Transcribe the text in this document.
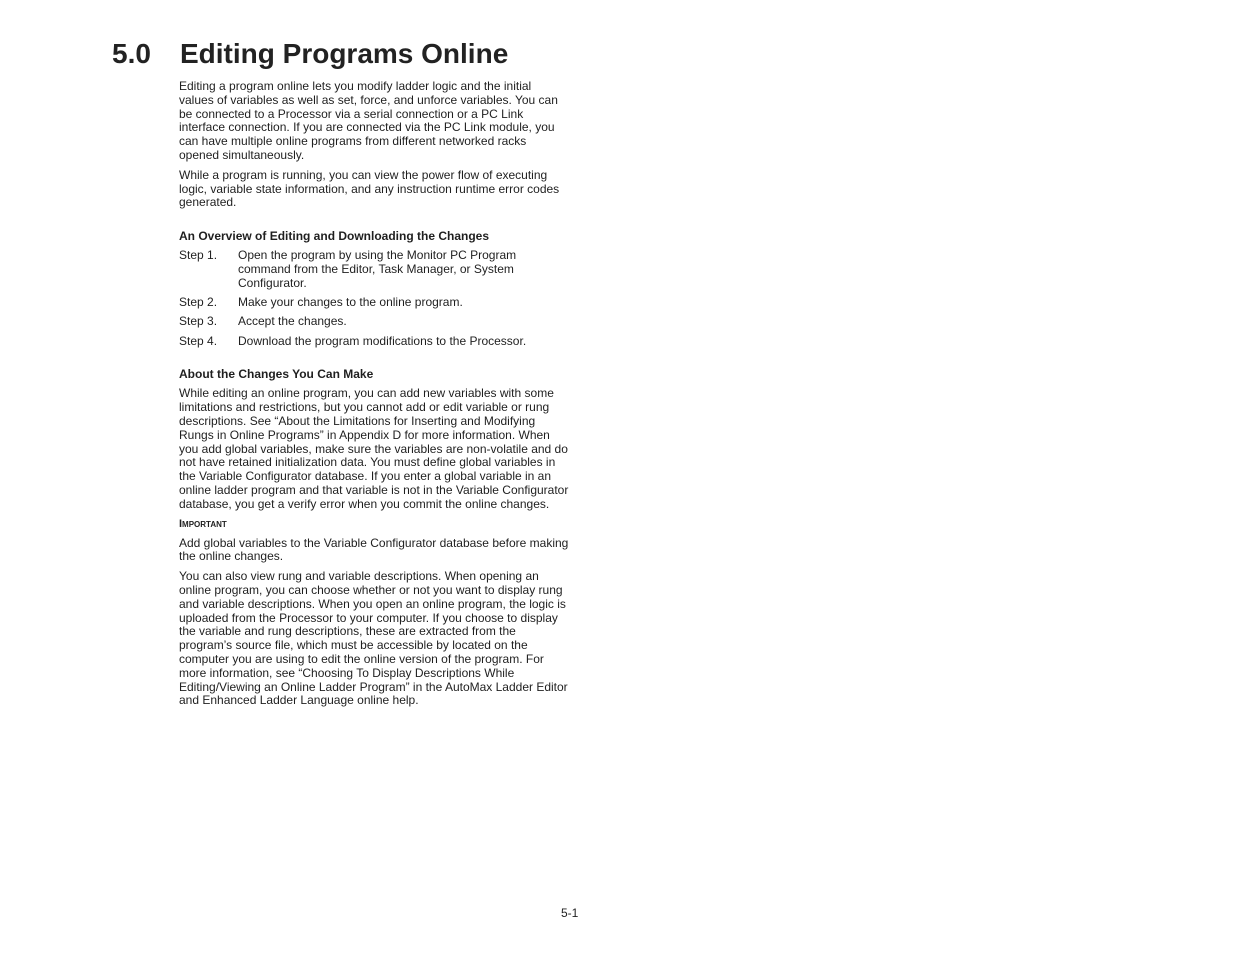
5.0 Editing Programs Online

Editing a program online lets you modify ladder logic and the initial values of variables as well as set, force, and unforce variables. You can be connected to a Processor via a serial connection or a PC Link interface connection. If you are connected via the PC Link module, you can have multiple online programs from different networked racks opened simultaneously.

While a program is running, you can view the power flow of executing logic, variable state information, and any instruction runtime error codes generated.

An Overview of Editing and Downloading the Changes
Step 1.	Open the program by using the Monitor PC Program command from the Editor, Task Manager, or System Configurator.
Step 2.	Make your changes to the online program.
Step 3.	Accept the changes.
Step 4.	Download the program modifications to the Processor.
About the Changes You Can Make

While editing an online program, you can add new variables with some limitations and restrictions, but you cannot add or edit variable or rung descriptions. See “About the Limitations for Inserting and Modifying Rungs in Online Programs” in Appendix D for more information. When you add global variables, make sure the variables are non-volatile and do not have retained initialization data. You must define global variables in the Variable Configurator database. If you enter a global variable in an online ladder program and that variable is not in the Variable Configurator database, you get a verify error when you commit the online changes.

Important

Add global variables to the Variable Configurator database before making the online changes.

You can also view rung and variable descriptions. When opening an online program, you can choose whether or not you want to display rung and variable descriptions. When you open an online program, the logic is uploaded from the Processor to your computer. If you choose to display the variable and rung descriptions, these are extracted from the program’s source file, which must be accessible by located on the computer you are using to edit the online version of the program. For more information, see “Choosing To Display Descriptions While Editing/Viewing an Online Ladder Program” in the AutoMax Ladder Editor and Enhanced Ladder Language online help.

5-1
